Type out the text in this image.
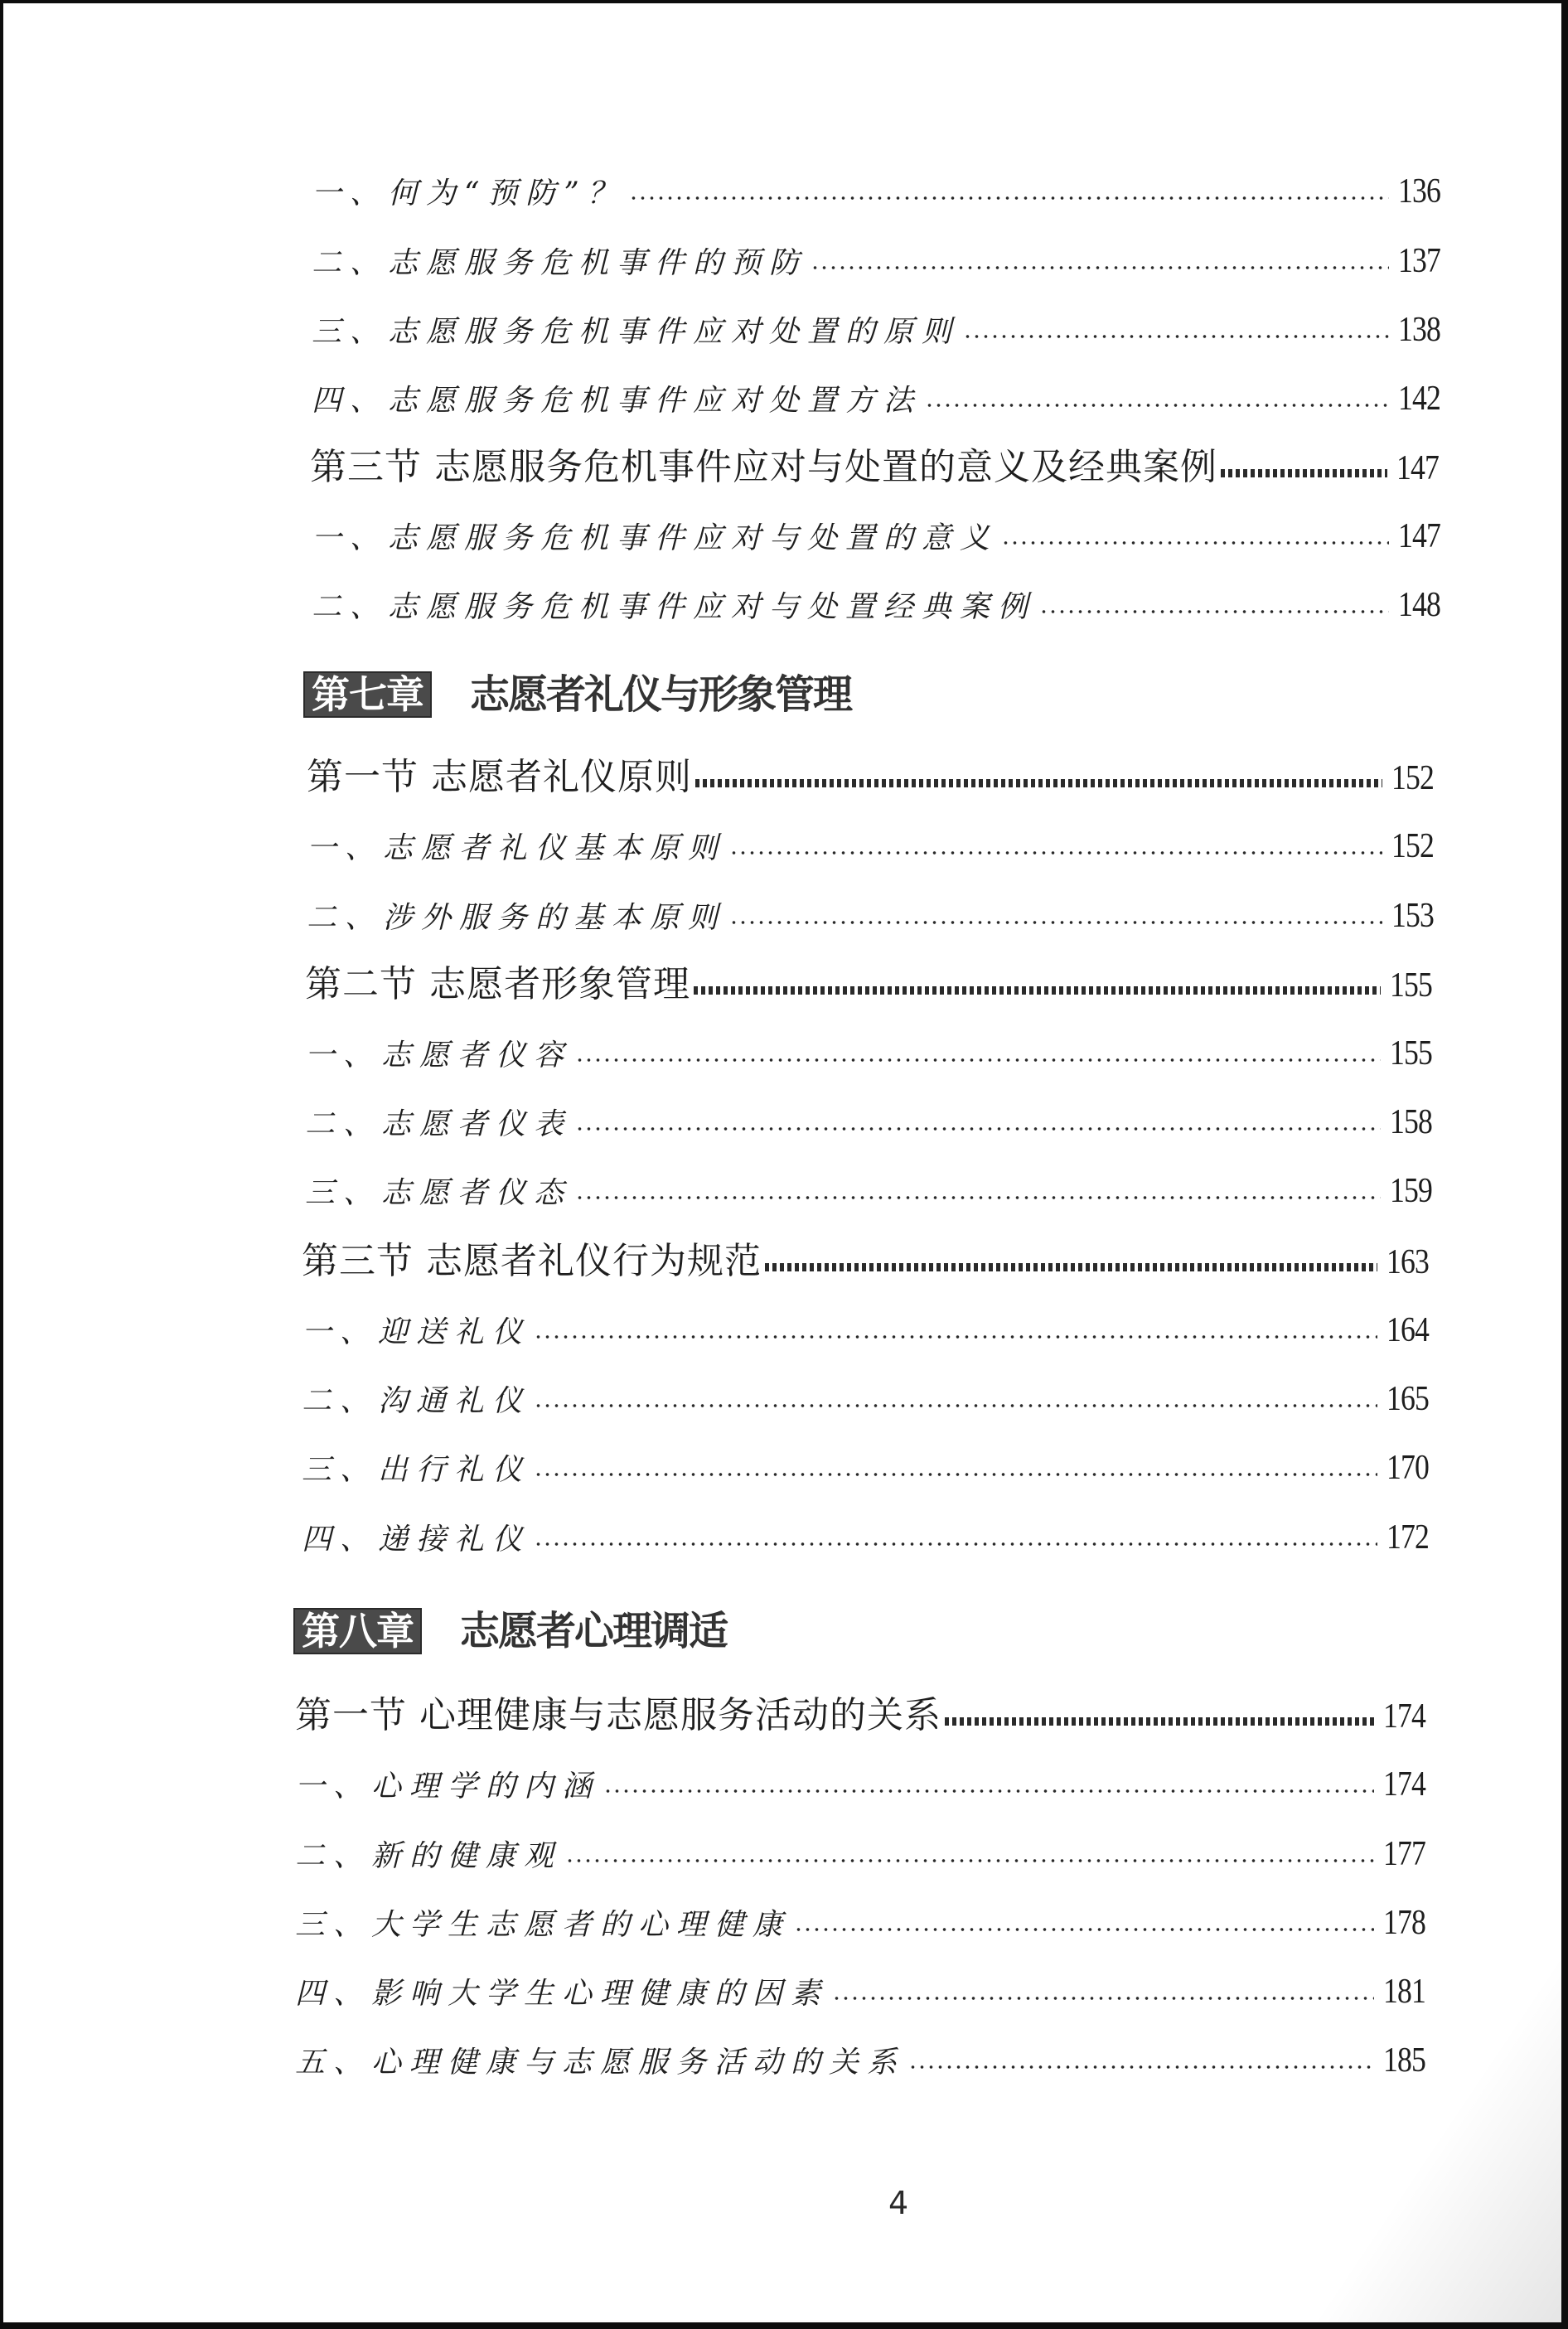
一、何为“预防”？	136
二、志愿服务危机事件的预防	137
三、志愿服务危机事件应对处置的原则	138
四、志愿服务危机事件应对处置方法	142
第三节 志愿服务危机事件应对与处置的意义及经典案例	147
一、志愿服务危机事件应对与处置的意义	147
二、志愿服务危机事件应对与处置经典案例	148
第七章 志愿者礼仪与形象管理
第一节 志愿者礼仪原则	152
一、志愿者礼仪基本原则	152
二、涉外服务的基本原则	153
第二节 志愿者形象管理	155
一、志愿者仪容	155
二、志愿者仪表	158
三、志愿者仪态	159
第三节 志愿者礼仪行为规范	163
一、迎送礼仪	164
二、沟通礼仪	165
三、出行礼仪	170
四、递接礼仪	172
第八章 志愿者心理调适
第一节 心理健康与志愿服务活动的关系	174
一、心理学的内涵	174
二、新的健康观	177
三、大学生志愿者的心理健康	178
四、影响大学生心理健康的因素	181
五、心理健康与志愿服务活动的关系	185
4
